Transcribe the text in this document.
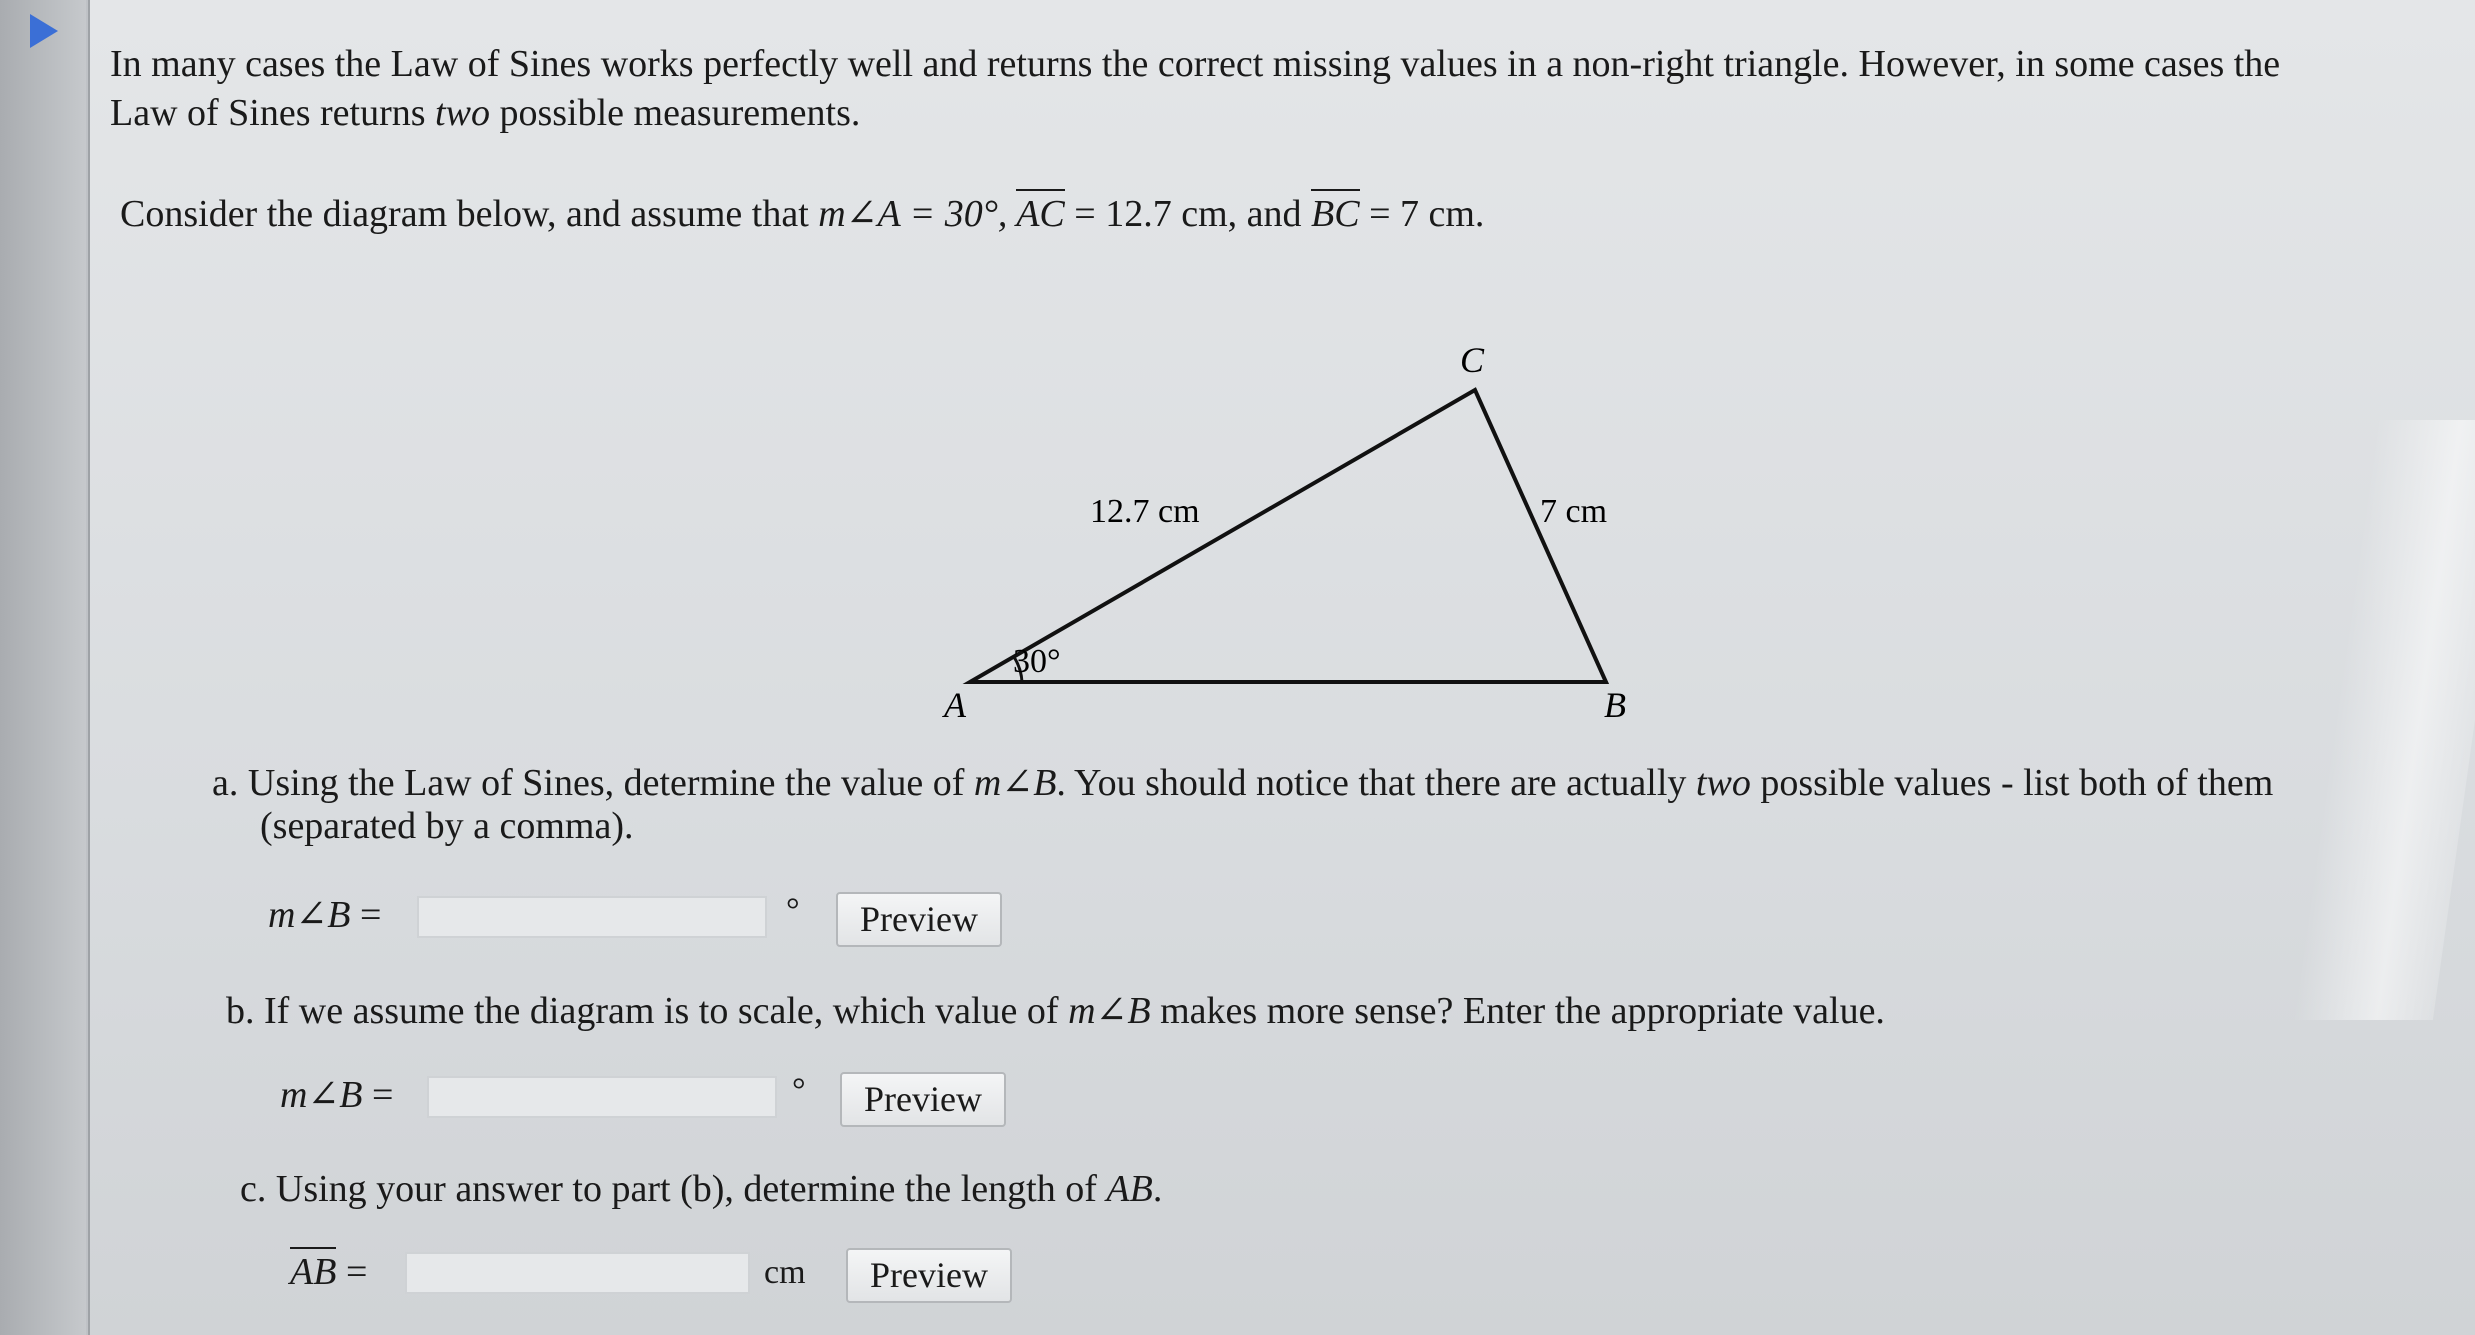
In many cases the Law of Sines works perfectly well and returns the correct missing values in a non-right triangle. However, in some cases the
Law of Sines returns two possible measurements.
Consider the diagram below, and assume that m∠A = 30°, AC = 12.7 cm, and BC = 7 cm.
30°
A	B
C
12.7 cm	7 cm
a. Using the Law of Sines, determine the value of m∠B. You should notice that there are actually two possible values - list both of them
(separated by a comma).
m∠B =	°	Preview
b. If we assume the diagram is to scale, which value of m∠B makes more sense? Enter the appropriate value.
m∠B =	°	Preview
c. Using your answer to part (b), determine the length of AB.
AB =	cm	Preview
